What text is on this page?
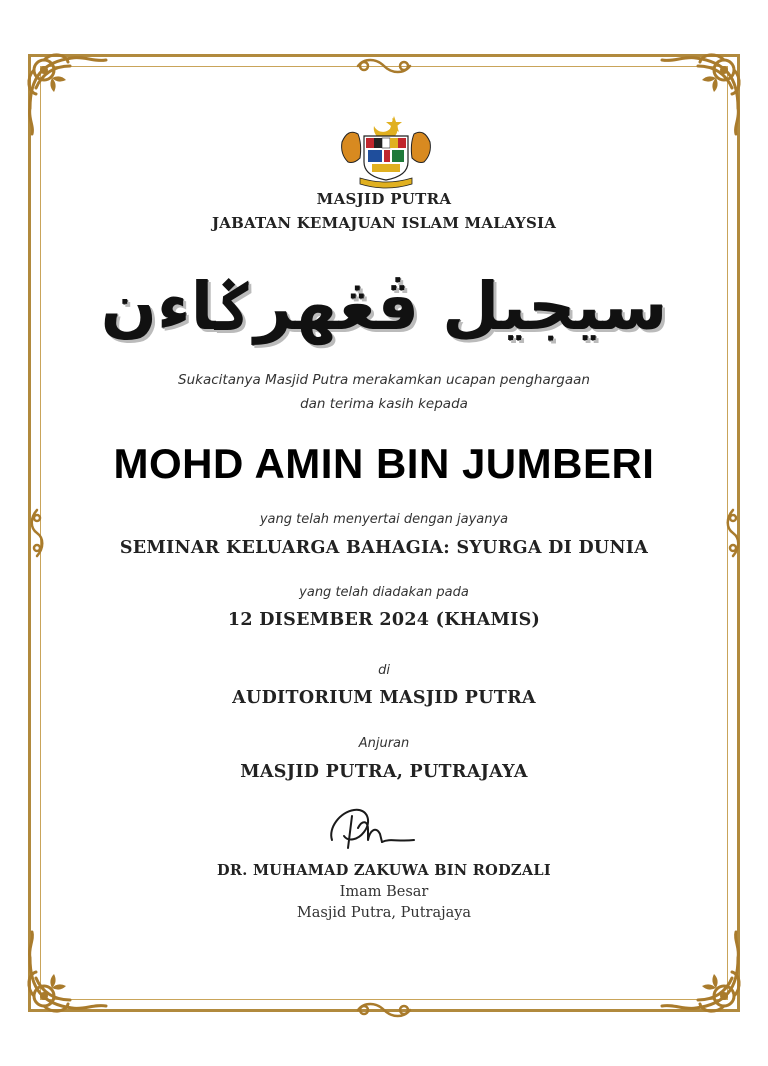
MASJID PUTRA
JABATAN KEMAJUAN ISLAM MALAYSIA
سيجيل ڤڠهرݢاءن
Sukacitanya Masjid Putra merakamkan ucapan penghargaan
dan terima kasih kepada
MOHD AMIN BIN JUMBERI
yang telah menyertai dengan jayanya
SEMINAR KELUARGA BAHAGIA: SYURGA DI DUNIA
yang telah diadakan pada
12 DISEMBER 2024 (KHAMIS)
di
AUDITORIUM MASJID PUTRA
Anjuran
MASJID PUTRA, PUTRAJAYA
DR. MUHAMAD ZAKUWA BIN RODZALI
Imam Besar
Masjid Putra, Putrajaya
